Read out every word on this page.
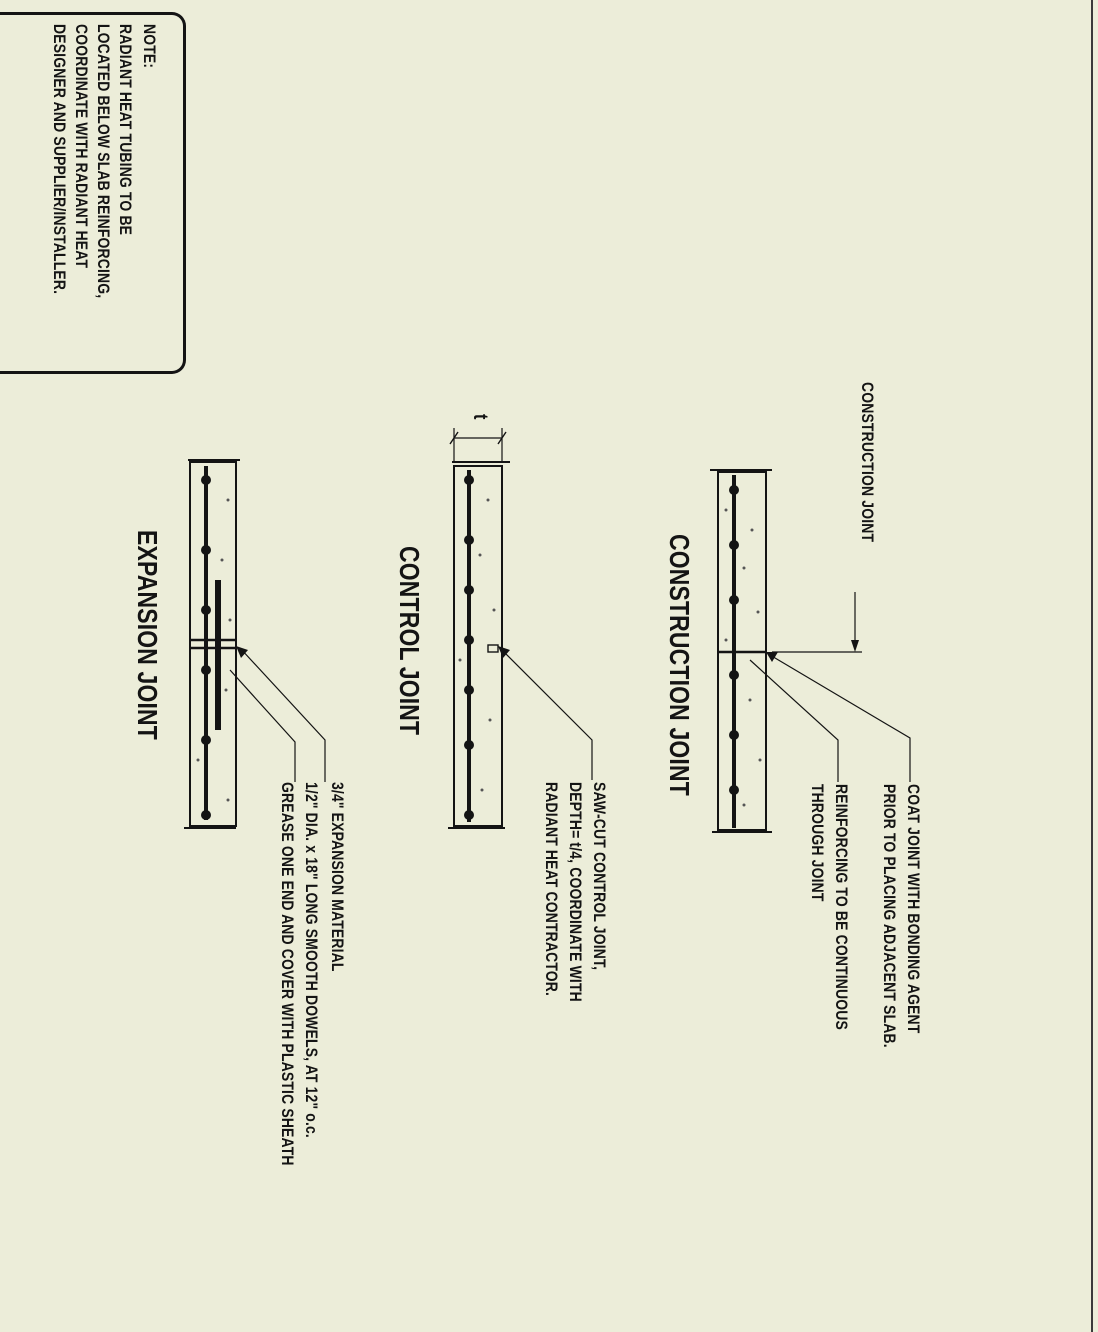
NOTE:
RADIANT HEAT TUBING TO BE
LOCATED BELOW SLAB REINFORCING,
COORDINATE WITH RADIANT HEAT
DESIGNER AND SUPPLIER/INSTALLER.
CONSTRUCTION JOINT
CONSTRUCTION JOINT
COAT JOINT WITH BONDING AGENT
PRIOR TO PLACING ADJACENT SLAB.
REINFORCING TO BE CONTINUOUS
THROUGH JOINT
CONTROL JOINT
t
SAW-CUT CONTROL JOINT,
DEPTH= t/4, COORDINATE WITH
RADIANT HEAT CONTRACTOR.
EXPANSION JOINT
3/4" EXPANSION MATERIAL
1/2" DIA. x 18" LONG SMOOTH DOWELS, AT 12" o.c.
GREASE ONE END AND COVER WITH PLASTIC SHEATH
